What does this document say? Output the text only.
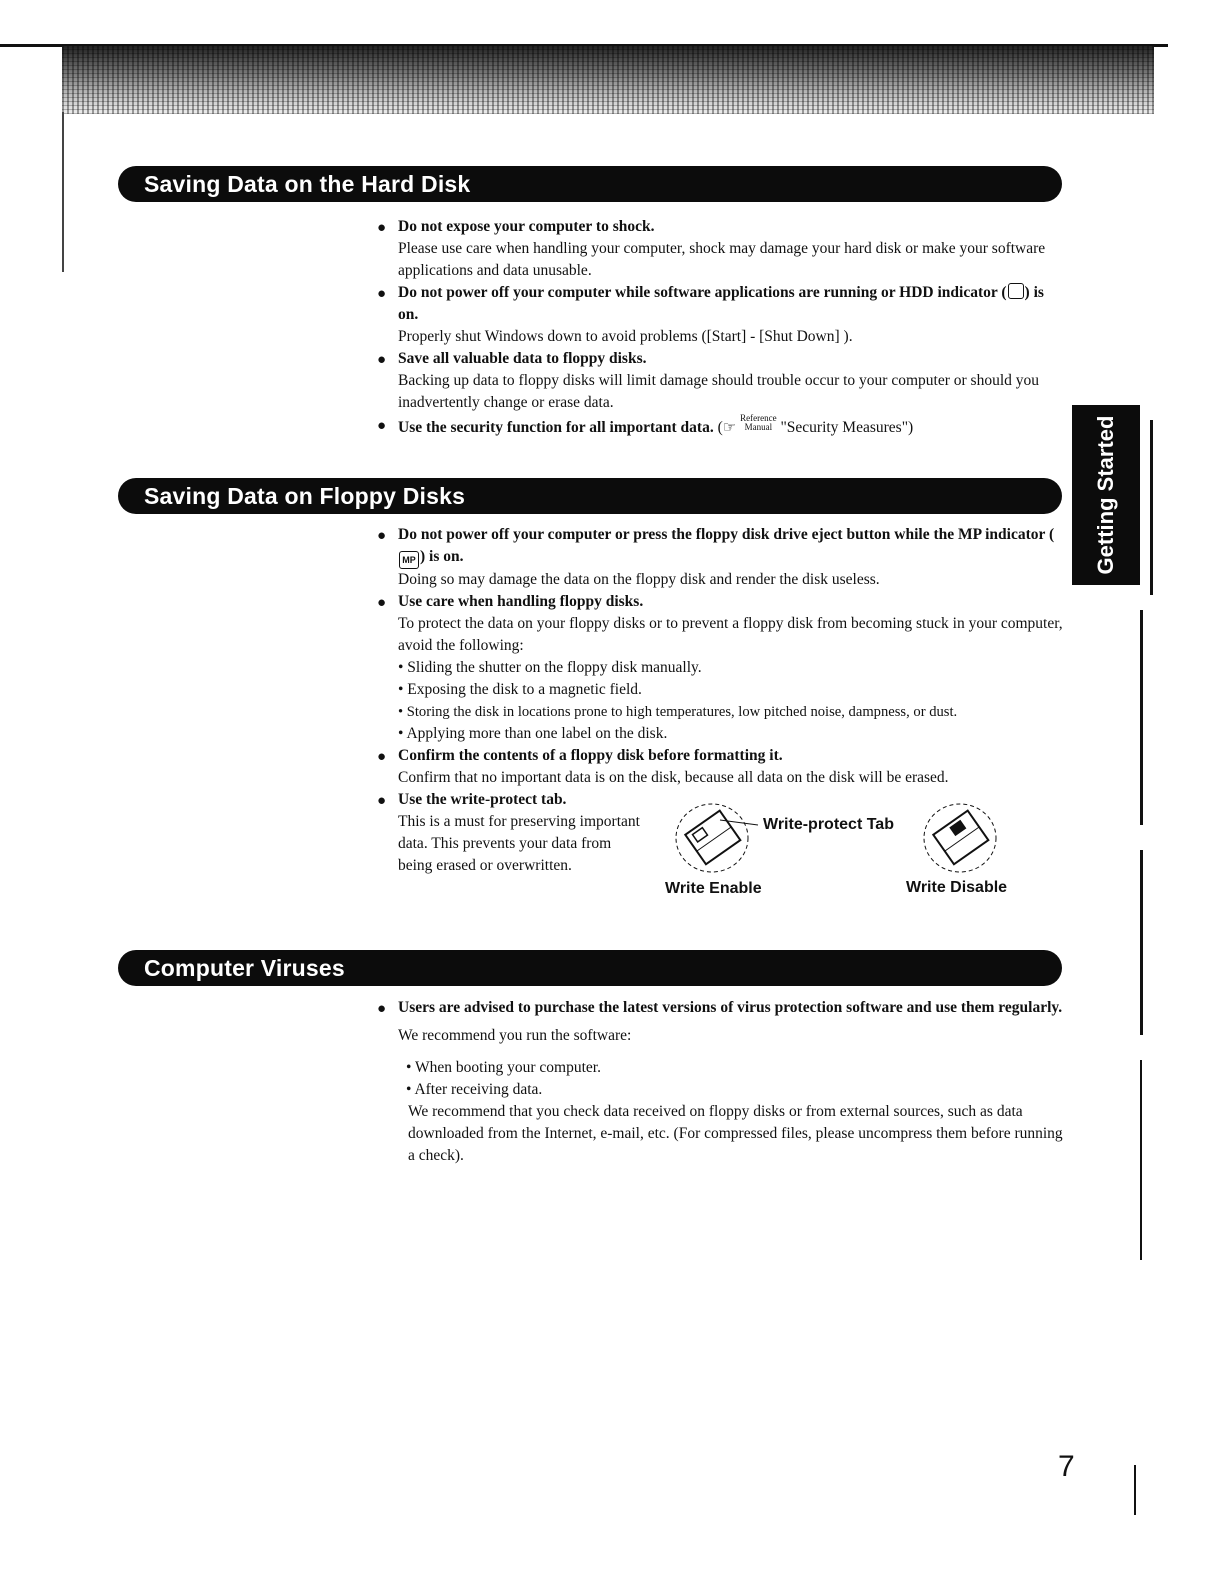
Saving Data on the Hard Disk
● Do not expose your computer to shock.
Please use care when handling your computer, shock may damage your hard disk or make your software applications and data unusable.
● Do not power off your computer while software applications are running or HDD indicator ( ) is on.
Properly shut Windows down to avoid problems ([Start] - [Shut Down] ).
● Save all valuable data to floppy disks.
Backing up data to floppy disks will limit damage should trouble occur to your computer or should you inadvertently change or erase data.
● Use the security function for all important data. (☞ Reference
Manual "Security Measures")
Saving Data on Floppy Disks
● Do not power off your computer or press the floppy disk drive eject button while the MP indicator (MP ) is on.
Doing so may damage the data on the floppy disk and render the disk useless.
● Use care when handling floppy disks.
To protect the data on your floppy disks or to prevent a floppy disk from becoming stuck in your computer, avoid the following:
• Sliding the shutter on the floppy disk manually.
• Exposing the disk to a magnetic field.
• Storing the disk in locations prone to high temperatures, low pitched noise, dampness, or dust.
• Applying more than one label on the disk.
● Confirm the contents of a floppy disk before formatting it.
Confirm that no important data is on the disk, because all data on the disk will be erased.
● Use the write-protect tab.
This is a must for preserving important data. This prevents your data from being erased or overwritten.
Write-protect Tab
Write Enable	Write Disable
Computer Viruses
● Users are advised to purchase the latest versions of virus protection software and use them regularly.
We recommend you run the software:
• When booting your computer.
• After receiving data.
We recommend that you check data received on floppy disks or from external sources, such as data downloaded from the Internet, e-mail, etc. (For compressed files, please uncompress them before running a check).
Getting Started
7
